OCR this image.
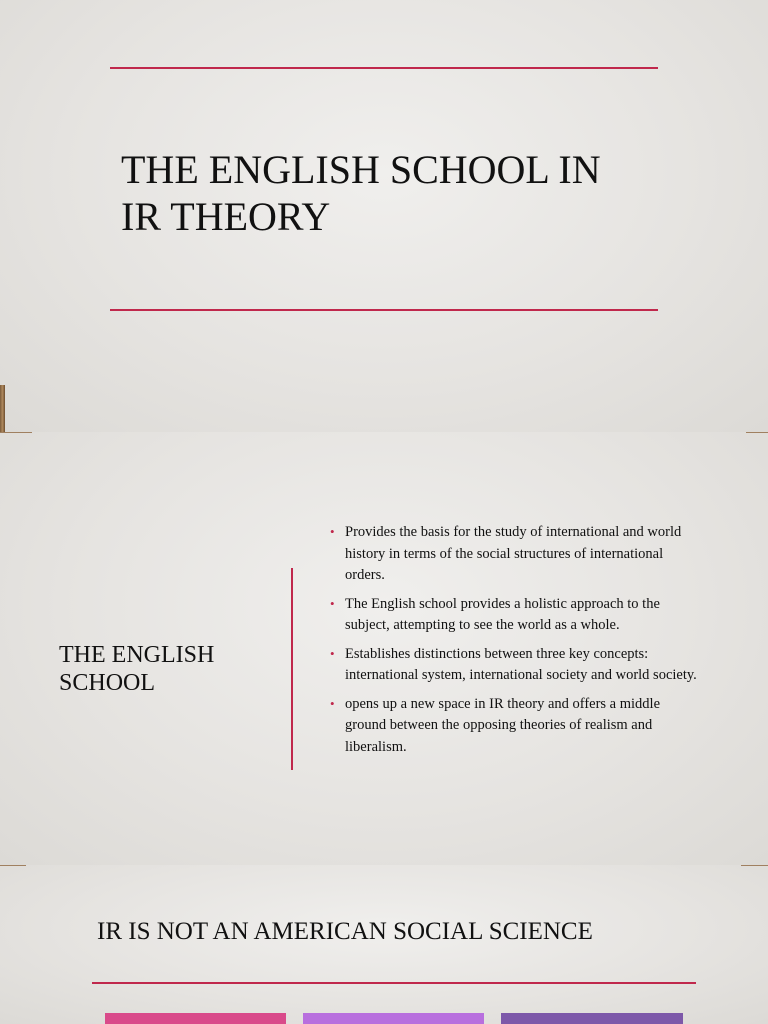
THE ENGLISH SCHOOL IN
IR THEORY
THE ENGLISH
SCHOOL
• Provides the basis for the study of international and world history in terms of the social structures of international orders.
• The English school provides a holistic approach to the subject, attempting to see the world as a whole.
• Establishes distinctions between three key concepts: international system, international society and world society.
• opens up a new space in IR theory and offers a middle ground between the opposing theories of realism and liberalism.
IR IS NOT AN AMERICAN SOCIAL SCIENCE
